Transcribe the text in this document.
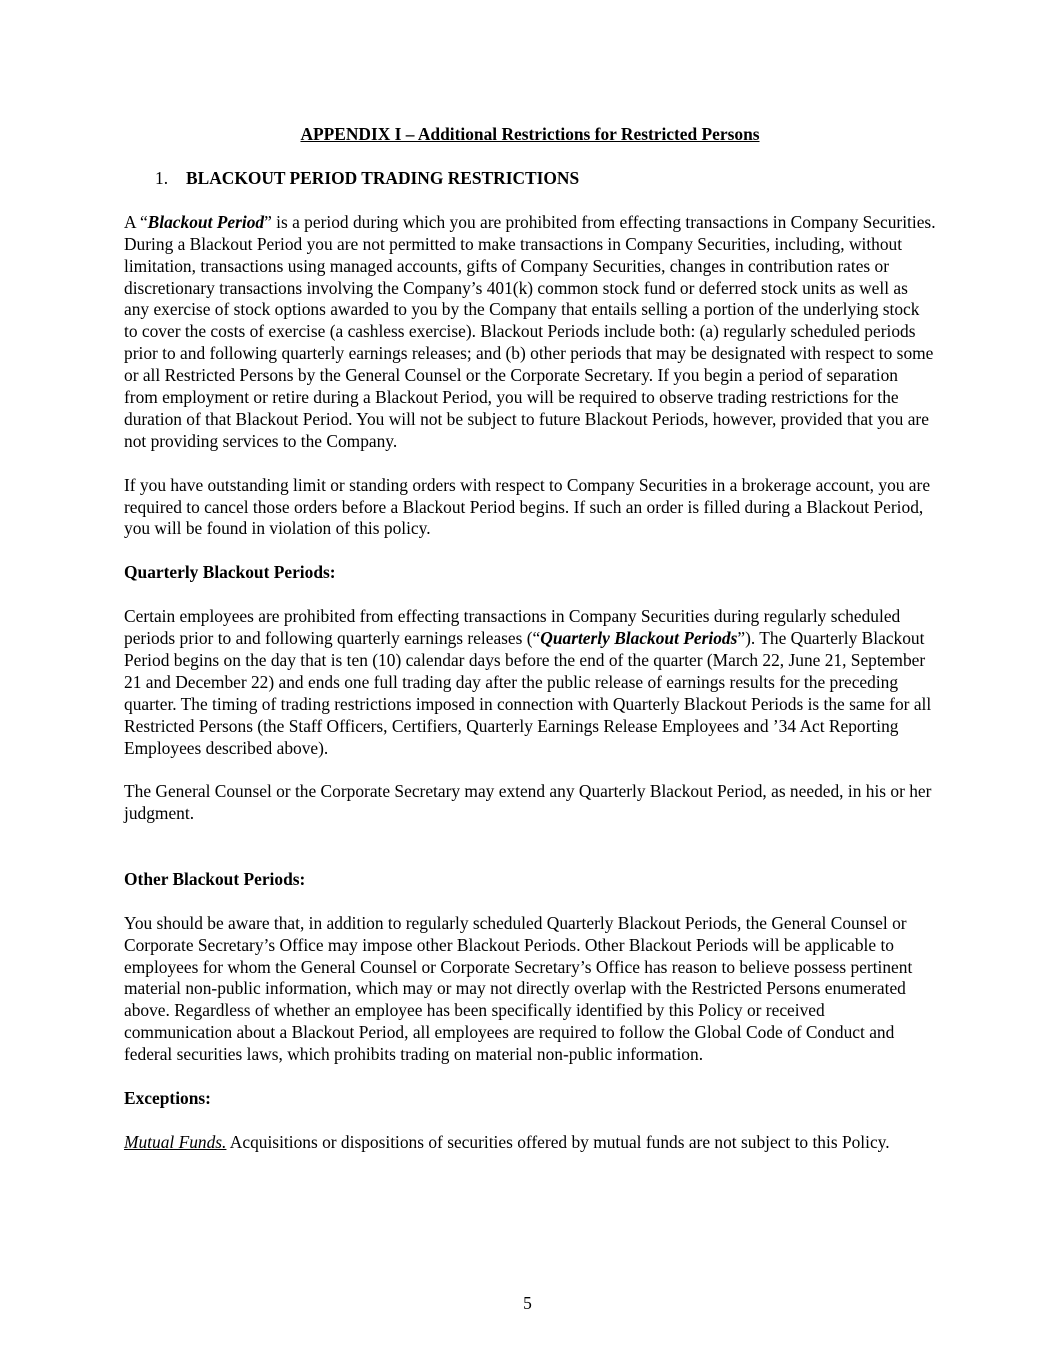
APPENDIX I – Additional Restrictions for Restricted Persons

1. BLACKOUT PERIOD TRADING RESTRICTIONS

A “Blackout Period” is a period during which you are prohibited from effecting transactions in Company Securities. During a Blackout Period you are not permitted to make transactions in Company Securities, including, without limitation, transactions using managed accounts, gifts of Company Securities, changes in contribution rates or discretionary transactions involving the Company’s 401(k) common stock fund or deferred stock units as well as any exercise of stock options awarded to you by the Company that entails selling a portion of the underlying stock to cover the costs of exercise (a cashless exercise). Blackout Periods include both: (a) regularly scheduled periods prior to and following quarterly earnings releases; and (b) other periods that may be designated with respect to some or all Restricted Persons by the General Counsel or the Corporate Secretary. If you begin a period of separation from employment or retire during a Blackout Period, you will be required to observe trading restrictions for the duration of that Blackout Period. You will not be subject to future Blackout Periods, however, provided that you are not providing services to the Company.

If you have outstanding limit or standing orders with respect to Company Securities in a brokerage account, you are required to cancel those orders before a Blackout Period begins. If such an order is filled during a Blackout Period, you will be found in violation of this policy.

Quarterly Blackout Periods:

Certain employees are prohibited from effecting transactions in Company Securities during regularly scheduled periods prior to and following quarterly earnings releases (“Quarterly Blackout Periods”). The Quarterly Blackout Period begins on the day that is ten (10) calendar days before the end of the quarter (March 22, June 21, September 21 and December 22) and ends one full trading day after the public release of earnings results for the preceding quarter. The timing of trading restrictions imposed in connection with Quarterly Blackout Periods is the same for all Restricted Persons (the Staff Officers, Certifiers, Quarterly Earnings Release Employees and ’34 Act Reporting Employees described above).

The General Counsel or the Corporate Secretary may extend any Quarterly Blackout Period, as needed, in his or her judgment.

Other Blackout Periods:

You should be aware that, in addition to regularly scheduled Quarterly Blackout Periods, the General Counsel or Corporate Secretary’s Office may impose other Blackout Periods. Other Blackout Periods will be applicable to employees for whom the General Counsel or Corporate Secretary’s Office has reason to believe possess pertinent material non-public information, which may or may not directly overlap with the Restricted Persons enumerated above. Regardless of whether an employee has been specifically identified by this Policy or received communication about a Blackout Period, all employees are required to follow the Global Code of Conduct and federal securities laws, which prohibits trading on material non-public information.

Exceptions:

Mutual Funds. Acquisitions or dispositions of securities offered by mutual funds are not subject to this Policy.

5
